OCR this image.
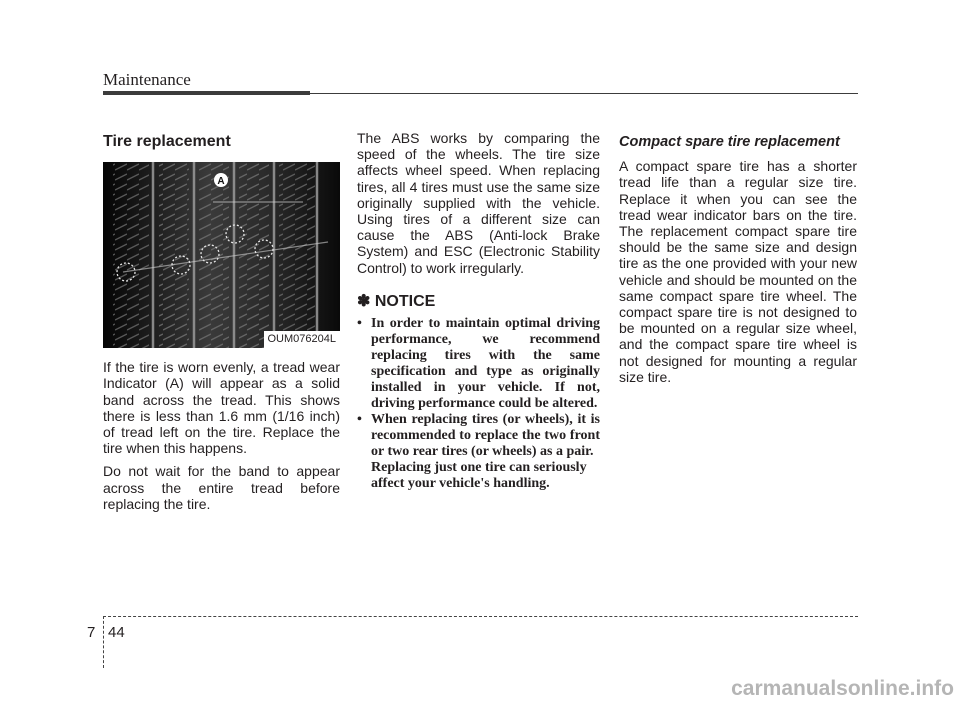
Maintenance
Tire replacement
A
OUM076204L

If the tire is worn evenly, a tread wear Indicator (A) will appear as a solid band across the tread. This shows there is less than 1.6 mm (1/16 inch) of tread left on the tire. Replace the tire when this happens.

Do not wait for the band to appear across the entire tread before replacing the tire.

The ABS works by comparing the speed of the wheels. The tire size affects wheel speed. When replacing tires, all 4 tires must use the same size originally supplied with the vehicle. Using tires of a different size can cause the ABS (Anti-lock Brake System) and ESC (Electronic Stability Control) to work irregularly.

✽ NOTICE
• In order to maintain optimal driving performance, we recommend replacing tires with the same specification and type as originally installed in your vehicle. If not, driving performance could be altered.
• When replacing tires (or wheels), it is recommended to replace the two front or two rear tires (or wheels) as a pair.
Replacing just one tire can seriously affect your vehicle's handling.
Compact spare tire replacement

A compact spare tire has a shorter tread life than a regular size tire. Replace it when you can see the tread wear indicator bars on the tire. The replacement compact spare tire should be the same size and design tire as the one provided with your new vehicle and should be mounted on the same compact spare tire wheel. The compact spare tire is not designed to be mounted on a regular size wheel, and the compact spare tire wheel is not designed for mounting a regular size tire.

7 44
carmanualsonline.info
